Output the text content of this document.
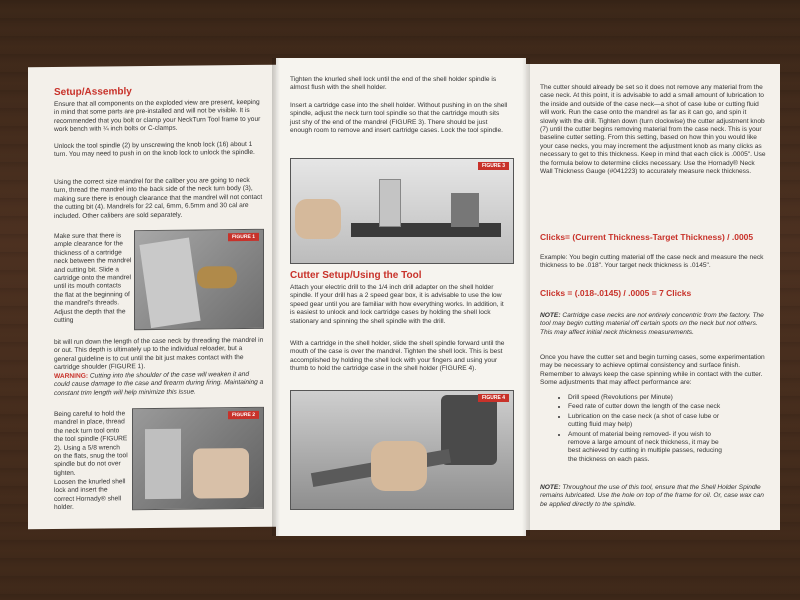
Setup/Assembly
Ensure that all components on the exploded view are present, keeping in mind that some parts are pre-installed and will not be visible. It is recommended that you bolt or clamp your NeckTurn Tool frame to your work bench with ¼ inch bolts or C-clamps.
Unlock the tool spindle (2) by unscrewing the knob lock (16) about 1 turn. You may need to push in on the knob lock to unlock the spindle.
Using the correct size mandrel for the caliber you are going to neck turn, thread the mandrel into the back side of the neck turn body (3), making sure there is enough clearance that the mandrel will not contact the cutting bit (4). Mandrels for 22 cal, 6mm, 6.5mm and 30 cal are included. Other calibers are sold separately.
Make sure that there is ample clearance for the thickness of a cartridge neck between the mandrel and cutting bit. Slide a cartridge onto the mandrel until its mouth contacts the flat at the beginning of the mandrel's threads. Adjust the depth that the cutting
FIGURE 1
bit will run down the length of the case neck by threading the mandrel in or out. This depth is ultimately up to the individual reloader, but a general guideline is to cut until the bit just makes contact with the cartridge shoulder (FIGURE 1).
WARNING: Cutting into the shoulder of the case will weaken it and could cause damage to the case and firearm during firing. Maintaining a constant trim length will help minimize this issue.
Being careful to hold the mandrel in place, thread the neck turn tool onto the tool spindle (FIGURE 2). Using a 5/8 wrench on the flats, snug the tool spindle but do not over tighten.
FIGURE 2
Loosen the knurled shell lock and insert the correct Hornady® shell holder.
Tighten the knurled shell lock until the end of the shell holder spindle is almost flush with the shell holder.
Insert a cartridge case into the shell holder. Without pushing in on the shell spindle, adjust the neck turn tool spindle so that the cartridge mouth sits just shy of the end of the mandrel (FIGURE 3). There should be just enough room to remove and insert cartridge cases. Lock the tool spindle.
FIGURE 3
Cutter Setup/Using the Tool
Attach your electric drill to the 1/4 inch drill adapter on the shell holder spindle. If your drill has a 2 speed gear box, it is advisable to use the low speed gear until you are familiar with how everything works. In addition, it is easiest to unlock and lock cartridge cases by holding the shell lock stationary and spinning the shell spindle with the drill.
With a cartridge in the shell holder, slide the shell spindle forward until the mouth of the case is over the mandrel. Tighten the shell lock. This is best accomplished by holding the shell lock with your fingers and using your thumb to hold the cartridge case in the shell holder (FIGURE 4).
FIGURE 4
The cutter should already be set so it does not remove any material from the case neck. At this point, it is advisable to add a small amount of lubrication to the inside and outside of the case neck—a shot of case lube or cutting fluid will work. Run the case onto the mandrel as far as it can go, and spin it slowly with the drill. Tighten down (turn clockwise) the cutter adjustment knob (7) until the cutter begins removing material from the case neck. This is your baseline cutter setting. From this setting, based on how thin you would like your case necks, you may increment the adjustment knob as many clicks as necessary to get to this thickness. Keep in mind that each click is .0005". Use the formula below to determine clicks necessary. Use the Hornady® Neck Wall Thickness Gauge (#041223) to accurately measure neck thickness.
Clicks= (Current Thickness-Target Thickness) / .0005
Example: You begin cutting material off the case neck and measure the neck thickness to be .018". Your target neck thickness is .0145".
Clicks = (.018-.0145) / .0005 = 7 Clicks
NOTE: Cartridge case necks are not entirely concentric from the factory. The tool may begin cutting material off certain spots on the neck but not others. This may affect initial neck thickness measurements.
Once you have the cutter set and begin turning cases, some experimentation may be necessary to achieve optimal consistency and surface finish. Remember to always keep the case spinning while in contact with the cutter. Some adjustments that may affect performance are:
• Drill speed (Revolutions per Minute)
• Feed rate of cutter down the length of the case neck
• Lubrication on the case neck (a shot of case lube or cutting fluid may help)
• Amount of material being removed- if you wish to remove a large amount of neck thickness, it may be best achieved by cutting in multiple passes, reducing the thickness on each pass.
NOTE: Throughout the use of this tool, ensure that the Shell Holder Spindle remains lubricated. Use the hole on top of the frame for oil. Or, case wax can be applied directly to the spindle.
